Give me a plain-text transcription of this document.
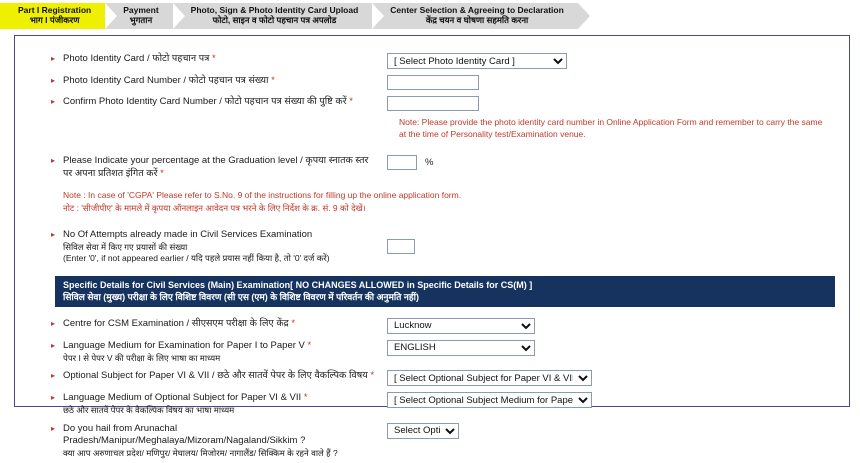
Part I Registration
भाग I पंजीकरण
Payment
भुगतान
Photo, Sign & Photo Identity Card Upload
फोटो, साइन व फोटो पहचान पत्र अपलोड
Center Selection & Agreeing to Declaration
केंद्र चयन व घोषणा सहमति करना
▸ Photo Identity Card / फोटो पहचान पत्र *
[ Select Photo Identity Card ]
▸ Photo Identity Card Number / फोटो पहचान पत्र संख्या *
▸ Confirm Photo Identity Card Number / फोटो पहचान पत्र संख्या की पुष्टि करें *
Note: Please provide the photo identity card number in Online Application Form and remember to carry the same at the time of Personality test/Examination venue.
▸ Please Indicate your percentage at the Graduation level / कृपया स्नातक स्तर पर अपना प्रतिशत इंगित करें *
%
Note : In case of 'CGPA' Please refer to S.No. 9 of the instructions for filling up the online application form.
नोट : 'सीजीपीए' के मामले में कृपया ऑनलाइन आवेदन पत्र भरने के लिए निर्देश के क्र. सं. 9 को देखें।
▸ No Of Attempts already made in Civil Services Examination
सिविल सेवा में किए गए प्रयासों की संख्या
(Enter '0', if not appeared earlier / यदि पहले प्रयास नहीं किया है, तो '0' दर्ज करें)
Specific Details for Civil Services (Main) Examination[ NO CHANGES ALLOWED in Specific Details for CS(M) ]
सिविल सेवा (मुख्य) परीक्षा के लिए विशिष्ट विवरण (सी एस (एम) के विशिष्ट विवरण में परिवर्तन की अनुमति नहीं)
▸ Centre for CSM Examination / सीएसएम परीक्षा के लिए केंद्र *
Lucknow
▸ Language Medium for Examination for Paper I to Paper V *
पेपर I से पेपर V की परीक्षा के लिए भाषा का माध्यम
ENGLISH
▸ Optional Subject for Paper VI & VII / छठे और सातवें पेपर के लिए वैकल्पिक विषय *
[ Select Optional Subject for Paper VI & VII ]
▸ Language Medium of Optional Subject for Paper VI & VII *
छठे और सातवें पेपर के वैकल्पिक विषय का भाषा माध्यम
[ Select Optional Subject Medium for Paper VI & VII ]
▸ Do you hail from Arunachal Pradesh/Manipur/Meghalaya/Mizoram/Nagaland/Sikkim ?
क्या आप अरुणाचल प्रदेश/ मणिपुर/ मेघालय/ मिजोरम/ नागालैंड/ सिक्किम के रहने वाले हैं ?
Select Option
